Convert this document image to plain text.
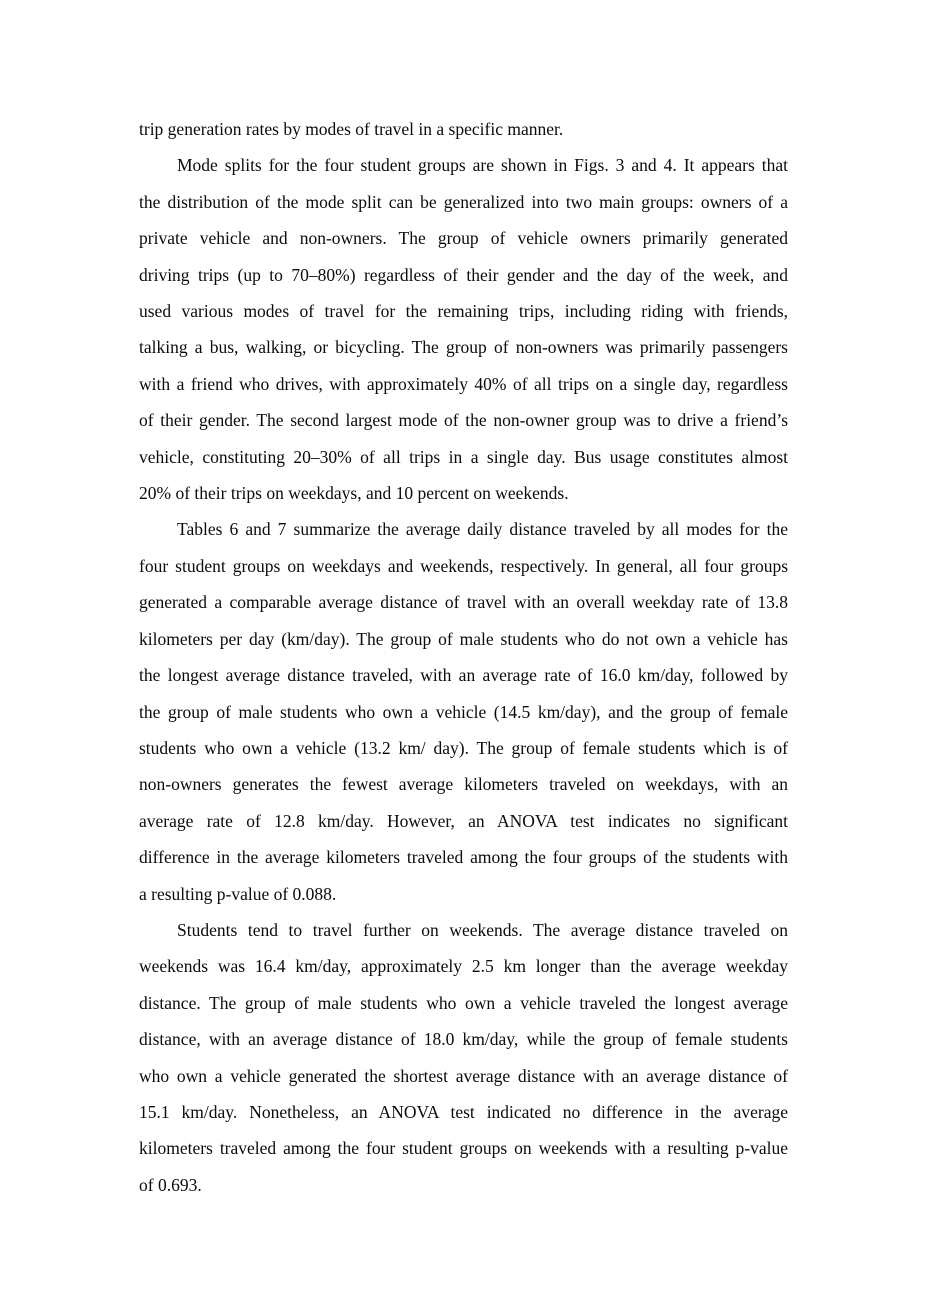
trip generation rates by modes of travel in a specific manner.
Mode splits for the four student groups are shown in Figs. 3 and 4. It appears that
the distribution of the mode split can be generalized into two main groups: owners of a
private vehicle and non-owners. The group of vehicle owners primarily generated
driving trips (up to 70–80%) regardless of their gender and the day of the week, and
used various modes of travel for the remaining trips, including riding with friends,
talking a bus, walking, or bicycling. The group of non-owners was primarily passengers
with a friend who drives, with approximately 40% of all trips on a single day, regardless
of their gender. The second largest mode of the non-owner group was to drive a friend’s
vehicle, constituting 20–30% of all trips in a single day. Bus usage constitutes almost
20% of their trips on weekdays, and 10 percent on weekends.
Tables 6 and 7 summarize the average daily distance traveled by all modes for the
four student groups on weekdays and weekends, respectively. In general, all four groups
generated a comparable average distance of travel with an overall weekday rate of 13.8
kilometers per day (km/day). The group of male students who do not own a vehicle has
the longest average distance traveled, with an average rate of 16.0 km/day, followed by
the group of male students who own a vehicle (14.5 km/day), and the group of female
students who own a vehicle (13.2 km/ day). The group of female students which is of
non-owners generates the fewest average kilometers traveled on weekdays, with an
average rate of 12.8 km/day. However, an ANOVA test indicates no significant
difference in the average kilometers traveled among the four groups of the students with
a resulting p-value of 0.088.
Students tend to travel further on weekends. The average distance traveled on
weekends was 16.4 km/day, approximately 2.5 km longer than the average weekday
distance. The group of male students who own a vehicle traveled the longest average
distance, with an average distance of 18.0 km/day, while the group of female students
who own a vehicle generated the shortest average distance with an average distance of
15.1 km/day. Nonetheless, an ANOVA test indicated no difference in the average
kilometers traveled among the four student groups on weekends with a resulting p-value
of 0.693.
